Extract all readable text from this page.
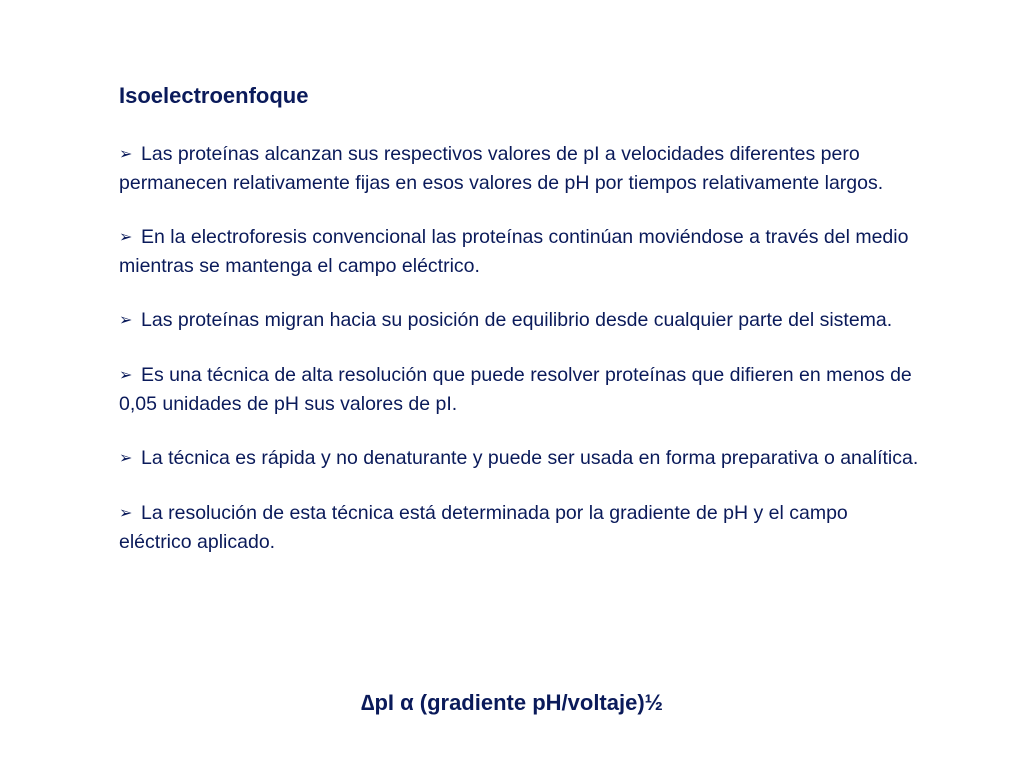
Isoelectroenfoque
➢ Las proteínas alcanzan sus respectivos valores de pI a velocidades diferentes pero permanecen relativamente fijas en esos valores de pH por tiempos relativamente largos.
➢ En la electroforesis convencional las proteínas continúan moviéndose a través del medio mientras se mantenga el campo eléctrico.
➢ Las proteínas migran hacia su posición de equilibrio desde cualquier parte del sistema.
➢ Es una técnica de alta resolución que puede resolver proteínas que difieren en menos de 0,05 unidades de pH sus valores de pI.
➢ La técnica es rápida y no denaturante y puede ser usada en forma preparativa o analítica.
➢ La resolución de esta técnica está determinada por la gradiente de pH y el campo eléctrico aplicado.

∆pI α (gradiente pH/voltaje)½
